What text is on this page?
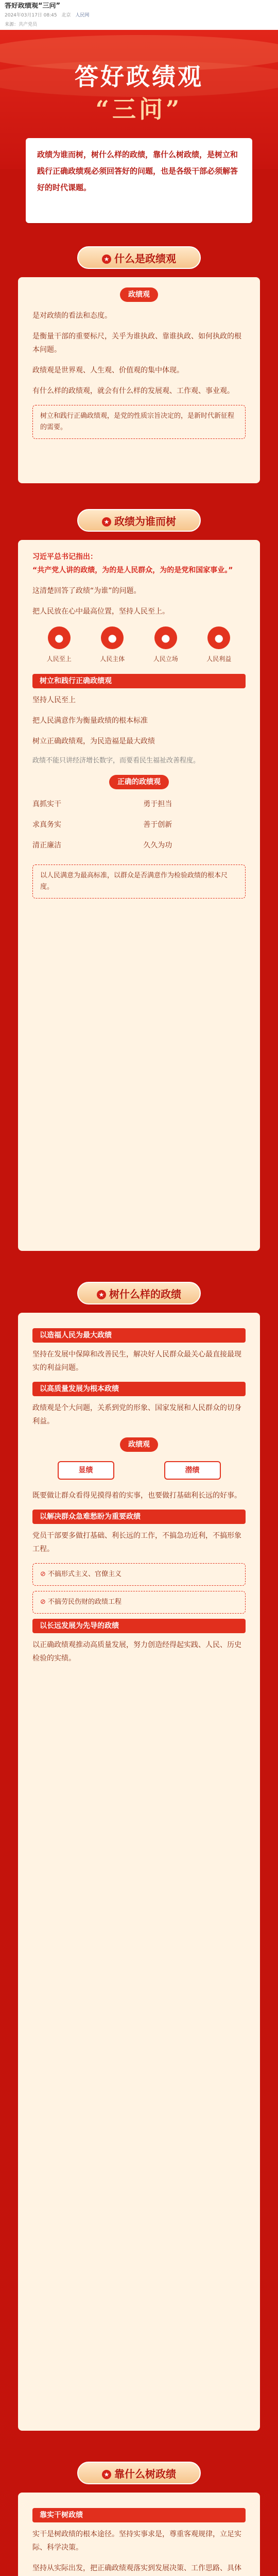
答好政绩观“三问”
2024年03月17日 08:45 北京 人民网
来源：共产党员
答好政绩观
“三问”
政绩为谁而树，树什么样的政绩，靠什么树政绩，是树立和践行正确政绩观必须回答好的问题，也是各级干部必须解答好的时代课题。
★ 什么是政绩观
政绩观
是对政绩的看法和态度。
是衡量干部的重要标尺，关乎为谁执政、靠谁执政、如何执政的根本问题。
政绩观是世界观、人生观、价值观的集中体现。
有什么样的政绩观，就会有什么样的发展观、工作观、事业观。
树立和践行正确政绩观，是党的性质宗旨决定的，是新时代新征程的需要。
★ 政绩为谁而树
习近平总书记指出：
“共产党人讲的政绩，为的是人民群众，为的是党和国家事业。”
这清楚回答了政绩“为谁”的问题。
把人民放在心中最高位置，坚持人民至上。
●
人民至上
●
人民主体
●
人民立场
●
人民利益
树立和践行正确政绩观
坚持人民至上
把人民满意作为衡量政绩的根本标准
树立正确政绩观，为民造福是最大政绩
政绩不能只讲经济增长数字，而要看民生福祉改善程度。
正确的政绩观
真抓实干	勇于担当
求真务实	善于创新
清正廉洁	久久为功
以人民满意为最高标准，以群众是否满意作为检验政绩的根本尺度。
★ 树什么样的政绩
以造福人民为最大政绩
坚持在发展中保障和改善民生，解决好人民群众最关心最直接最现实的利益问题。
以高质量发展为根本政绩
政绩观是个大问题，关系到党的形象、国家发展和人民群众的切身利益。
政绩观
显绩	潜绩
既要做让群众看得见摸得着的实事，也要做打基础利长远的好事。
以解决群众急难愁盼为重要政绩
党员干部要多做打基础、利长远的工作，不搞急功近利，不搞形象工程。
⊘ 不搞形式主义、官僚主义
⊘ 不搞劳民伤财的政绩工程
以长远发展为先导的政绩
以正确政绩观推动高质量发展，努力创造经得起实践、人民、历史检验的实绩。
★ 靠什么树政绩
靠实干树政绩
实干是树政绩的根本途径。坚持实事求是，尊重客观规律，立足实际、科学决策。
坚持从实际出发，把正确政绩观落实到发展决策、工作思路、具体
